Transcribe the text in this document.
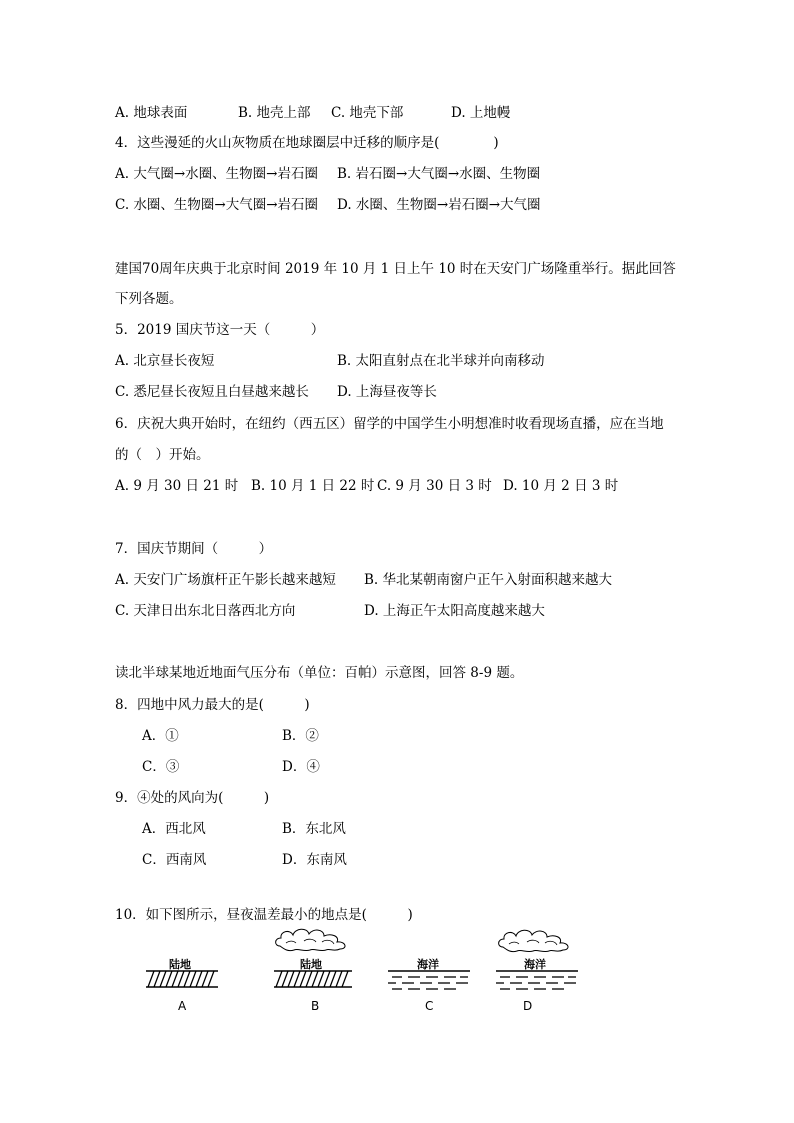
A. 地球表面	B. 地壳上部 C. 地壳下部	D. 上地幔
4．这些漫延的火山灰物质在地球圈层中迁移的顺序是(　　　　)
A. 大气圈→水圈、生物圈→岩石圈 B. 岩石圈→大气圈→水圈、生物圈
C. 水圈、生物圈→大气圈→岩石圈 D. 水圈、生物圈→岩石圈→大气圈
建国70周年庆典于北京时间 2019 年 10 月 1 日上午 10 时在天安门广场隆重举行。据此回答
下列各题。
5．2019 国庆节这一天（　　　）
A. 北京昼长夜短	B. 太阳直射点在北半球并向南移动
C. 悉尼昼长夜短且白昼越来越长 D. 上海昼夜等长
6．庆祝大典开始时，在纽约（西五区）留学的中国学生小明想准时收看现场直播，应在当地
的（　）开始。
A. 9 月 30 日 21 时 B. 10 月 1 日 22 时 C. 9 月 30 日 3 时 D. 10 月 2 日 3 时
7．国庆节期间（　　　）
A. 天安门广场旗杆正午影长越来越短 B. 华北某朝南窗户正午入射面积越来越大
C. 天津日出东北日落西北方向	D. 上海正午太阳高度越来越大
读北半球某地近地面气压分布（单位：百帕）示意图，回答 8-9 题。
8．四地中风力最大的是(　　　)
A．①	B．②
C．③	D．④
9．④处的风向为(　　　)
A．西北风	B．东北风
C．西南风	D．东南风
10．如下图所示，昼夜温差最小的地点是(　　　)
陆地
A
陆地
B
海洋
C
海洋
D
